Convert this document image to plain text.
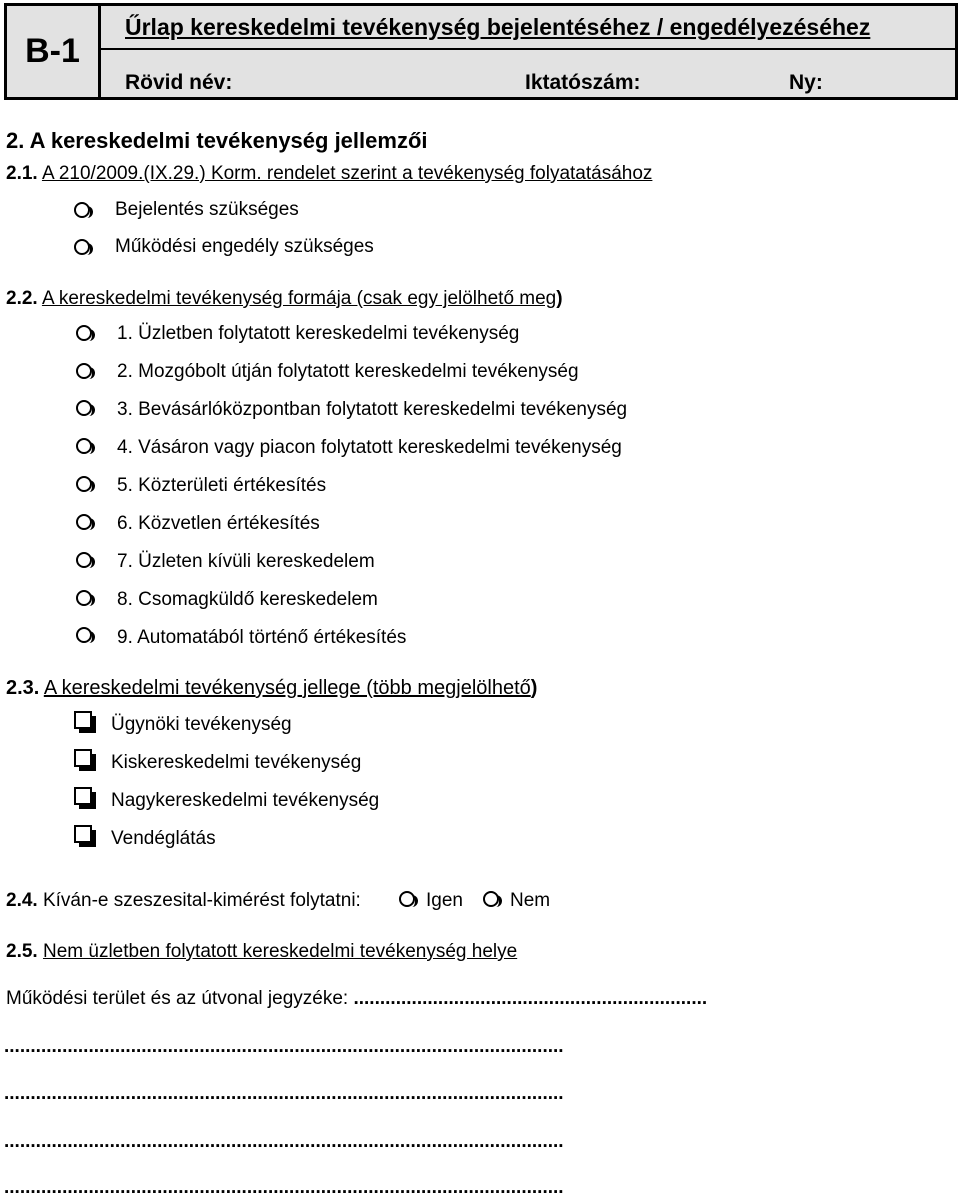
B-1
Űrlap kereskedelmi tevékenység bejelentéséhez / engedélyezéséhez
Rövid név:	Iktatószám:	Ny:
2. A kereskedelmi tevékenység jellemzői
2.1. A 210/2009.(IX.29.) Korm. rendelet szerint a tevékenység folyatatásához
Bejelentés szükséges
Működési engedély szükséges
2.2. A kereskedelmi tevékenység formája (csak egy jelölhető meg)
1. Üzletben folytatott kereskedelmi tevékenység
2. Mozgóbolt útján folytatott kereskedelmi tevékenység
3. Bevásárlóközpontban folytatott kereskedelmi tevékenység
4. Vásáron vagy piacon folytatott kereskedelmi tevékenység
5. Közterületi értékesítés
6. Közvetlen értékesítés
7. Üzleten kívüli kereskedelem
8. Csomagküldő kereskedelem
9. Automatából történő értékesítés
2.3. A kereskedelmi tevékenység jellege (több megjelölhető)
Ügynöki tevékenység
Kiskereskedelmi tevékenység
Nagykereskedelmi tevékenység
Vendéglátás
2.4. Kíván-e szeszesital-kimérést folytatni:	Igen Nem
2.5. Nem üzletben folytatott kereskedelmi tevékenység helye
Működési terület és az útvonal jegyzéke: ...................................................................
..........................................................................................................
..........................................................................................................
..........................................................................................................
..........................................................................................................
